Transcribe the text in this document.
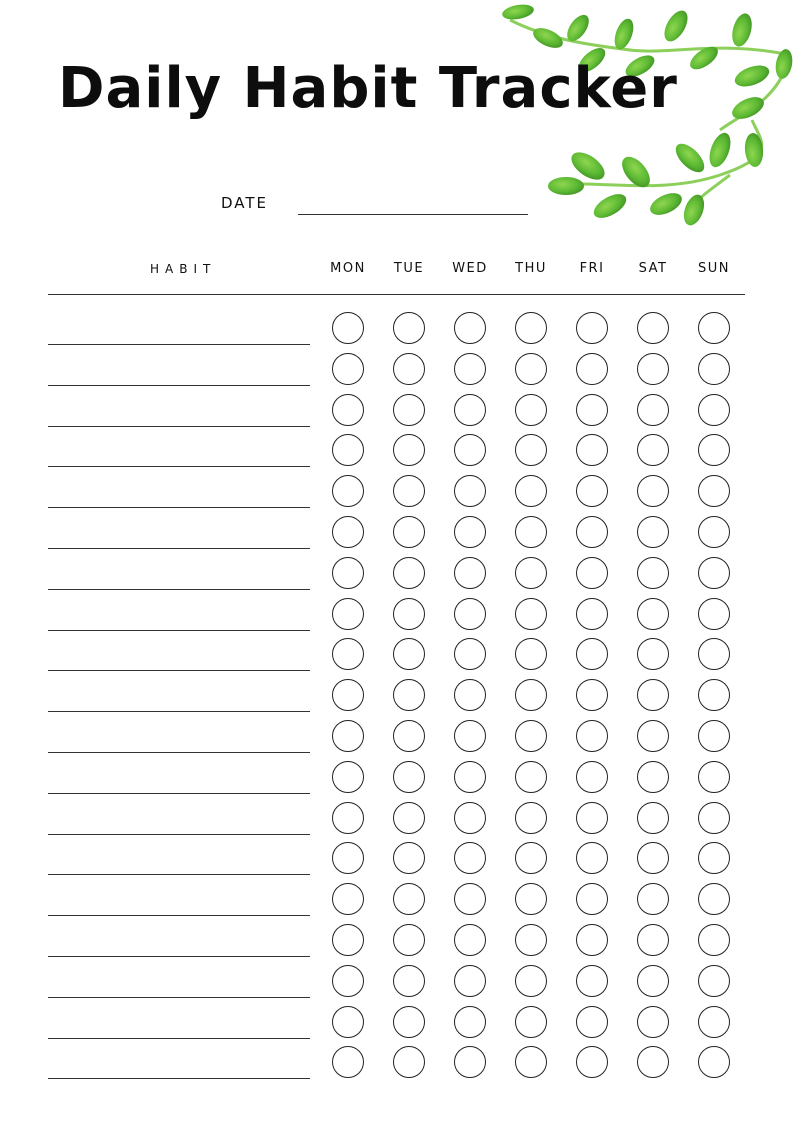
Daily Habit Tracker
DATE
HABIT	MON	TUE	WED	THU	FRI	SAT	SUN
